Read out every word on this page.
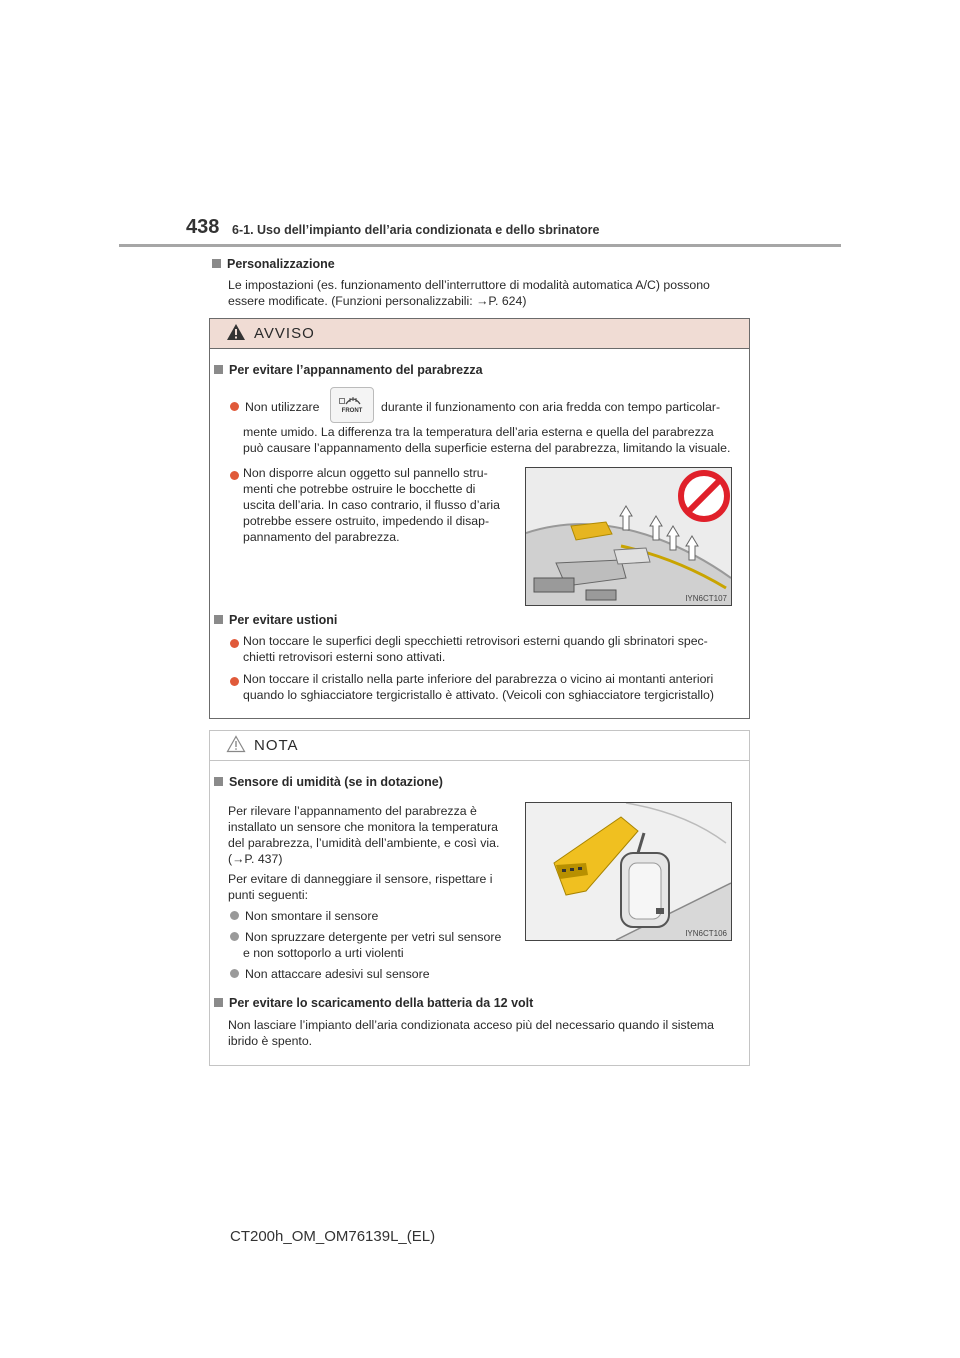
438 6-1. Uso dell’impianto dell’aria condizionata e dello sbrinatore
Personalizzazione
Le impostazioni (es. funzionamento dell’interruttore di modalità automatica A/C) possono
essere modificate. (Funzioni personalizzabili: →P. 624)
AVVISO
Per evitare l’appannamento del parabrezza
Non utilizzare	FRONT	durante il funzionamento con aria fredda con tempo particolar-
mente umido. La differenza tra la temperatura dell’aria esterna e quella del parabrezza
può causare l’appannamento della superficie esterna del parabrezza, limitando la visuale.
Non disporre alcun oggetto sul pannello stru-
menti che potrebbe ostruire le bocchette di
uscita dell’aria. In caso contrario, il flusso d’aria
potrebbe essere ostruito, impedendo il disap-
pannamento del parabrezza.
IYN6CT107
Per evitare ustioni
Non toccare le superfici degli specchietti retrovisori esterni quando gli sbrinatori spec-
chietti retrovisori esterni sono attivati.
Non toccare il cristallo nella parte inferiore del parabrezza o vicino ai montanti anteriori
quando lo sghiacciatore tergicristallo è attivato. (Veicoli con sghiacciatore tergicristallo)
NOTA
Sensore di umidità (se in dotazione)
Per rilevare l’appannamento del parabrezza è
installato un sensore che monitora la temperatura
del parabrezza, l’umidità dell’ambiente, e così via.
(→P. 437)
Per evitare di danneggiare il sensore, rispettare i
punti seguenti:
Non smontare il sensore
Non spruzzare detergente per vetri sul sensore
e non sottoporlo a urti violenti
Non attaccare adesivi sul sensore
IYN6CT106
Per evitare lo scaricamento della batteria da 12 volt
Non lasciare l’impianto dell’aria condizionata acceso più del necessario quando il sistema
ibrido è spento.
CT200h_OM_OM76139L_(EL)
